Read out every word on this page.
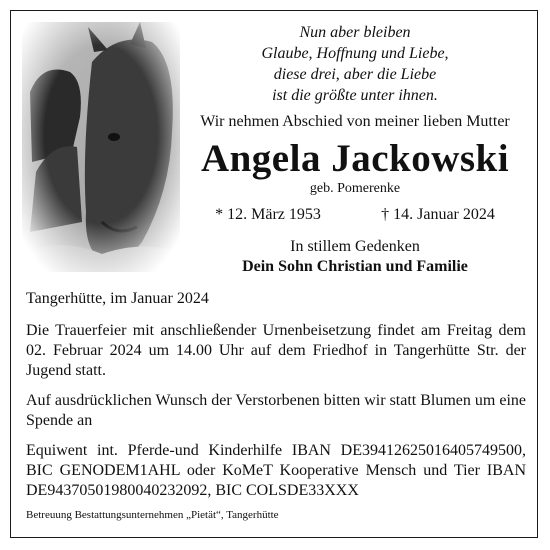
Nun aber bleiben
Glaube, Hoffnung und Liebe,
diese drei, aber die Liebe
ist die größte unter ihnen.
Wir nehmen Abschied von meiner lieben Mutter
Angela Jackowski
geb. Pomerenke
* 12. März 1953	† 14. Januar 2024
In stillem Gedenken
Dein Sohn Christian und Familie
Tangerhütte, im Januar 2024
Die Trauerfeier mit anschließender Urnenbeisetzung findet am Freitag dem 02. Februar 2024 um 14.00 Uhr auf dem Friedhof in Tangerhütte Str. der Jugend statt.
Auf ausdrücklichen Wunsch der Verstorbenen bitten wir statt Blumen um eine Spende an
Equiwent int. Pferde-und Kinderhilfe IBAN DE39412625016405749500, BIC GENODEM1AHL oder KoMeT Kooperative Mensch und Tier IBAN DE94370501980040232092, BIC COLSDE33XXX
Betreuung Bestattungsunternehmen „Pietät“, Tangerhütte
